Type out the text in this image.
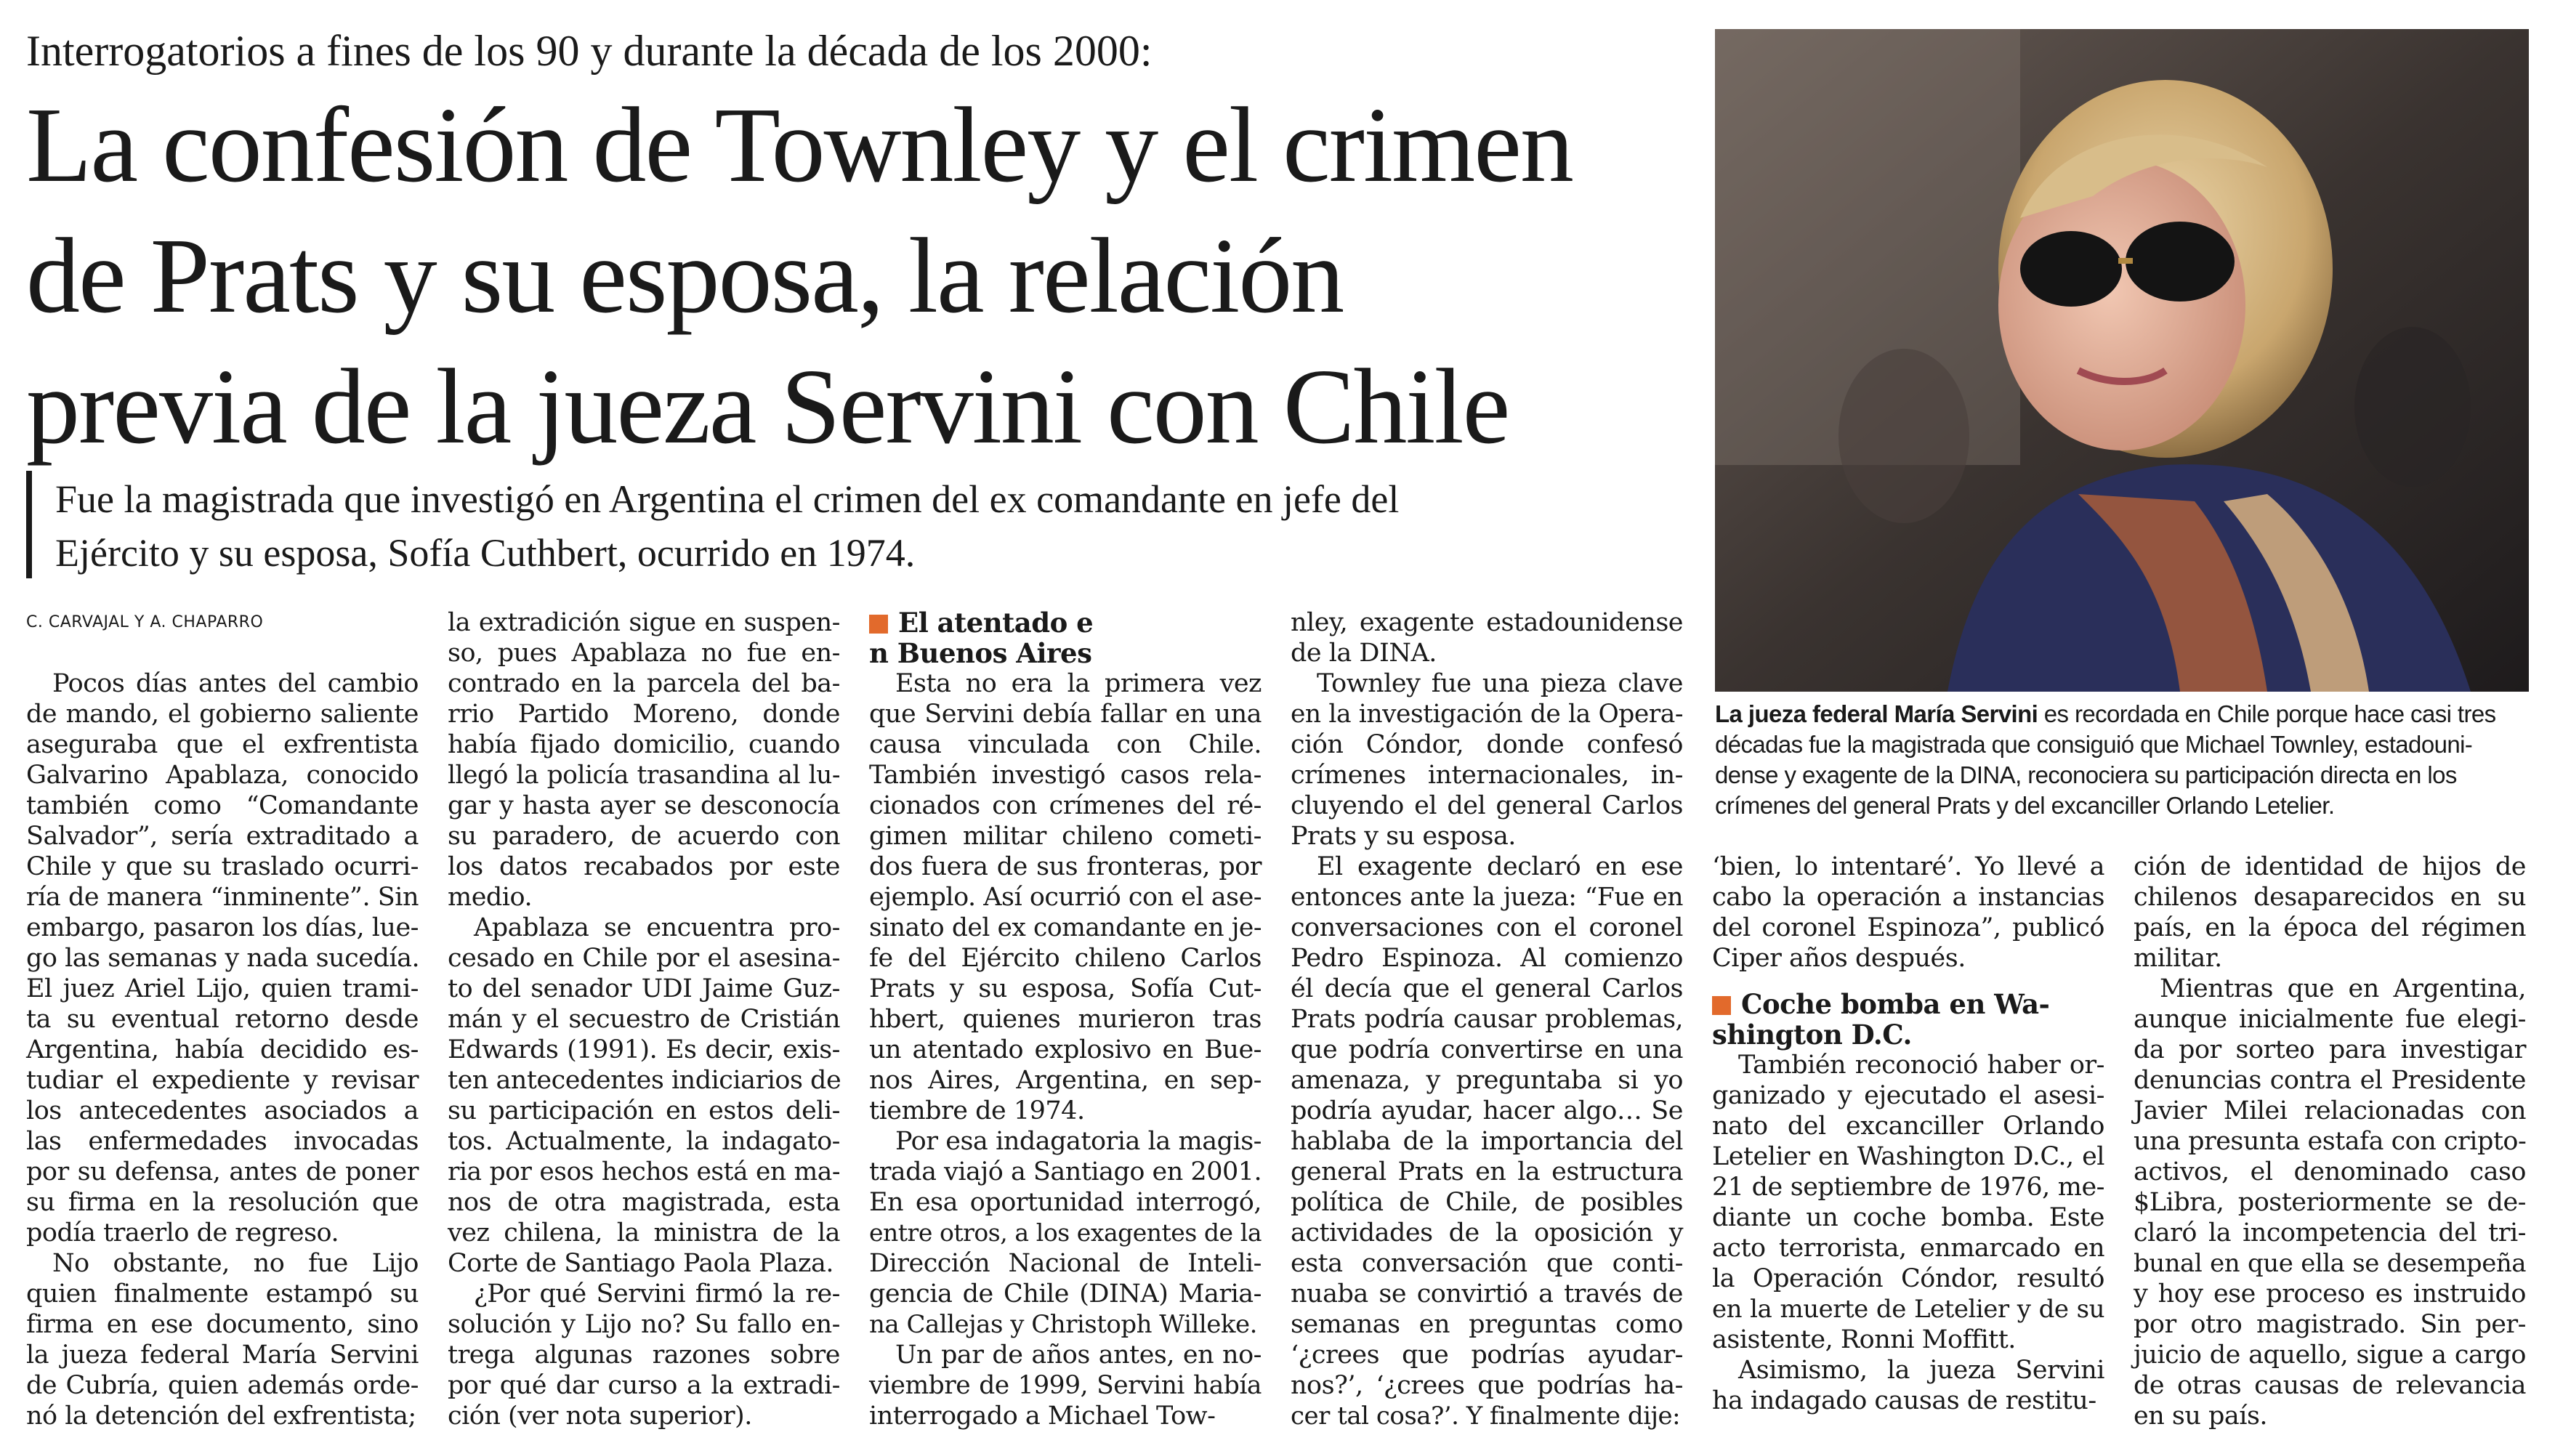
Interrogatorios a fines de los 90 y durante la década de los 2000:
La confesión de Townley y el crimen
de Prats y su esposa, la relación
previa de la jueza Servini con Chile
Fue la magistrada que investigó en Argentina el crimen del ex comandante en jefe del
Ejército y su esposa, Sofía Cuthbert, ocurrido en 1974.
La jueza federal María Servini es recordada en Chile porque hace casi tres
décadas fue la magistrada que consiguió que Michael Townley, estadouni-
dense y exagente de la DINA, reconociera su participación directa en los
crímenes del general Prats y del excanciller Orlando Letelier.
C. CARVAJAL Y A. CHAPARRO
Pocos días antes del cambio
de mando, el gobierno saliente
aseguraba que el exfrentista
Galvarino Apablaza, conocido
también como “Comandante
Salvador”, sería extraditado a
Chile y que su traslado ocurri-
ría de manera “inminente”. Sin
embargo, pasaron los días, lue-
go las semanas y nada sucedía.
El juez Ariel Lijo, quien trami-
ta su eventual retorno desde
Argentina, había decidido es-
tudiar el expediente y revisar
los antecedentes asociados a
las enfermedades invocadas
por su defensa, antes de poner
su firma en la resolución que
podía traerlo de regreso.
No obstante, no fue Lijo
quien finalmente estampó su
firma en ese documento, sino
la jueza federal María Servini
de Cubría, quien además orde-
nó la detención del exfrentista;
la extradición sigue en suspen-
so, pues Apablaza no fue en-
contrado en la parcela del ba-
rrio Partido Moreno, donde
había fijado domicilio, cuando
llegó la policía trasandina al lu-
gar y hasta ayer se desconocía
su paradero, de acuerdo con
los datos recabados por este
medio.
Apablaza se encuentra pro-
cesado en Chile por el asesina-
to del senador UDI Jaime Guz-
mán y el secuestro de Cristián
Edwards (1991). Es decir, exis-
ten antecedentes indiciarios de
su participación en estos deli-
tos. Actualmente, la indagato-
ria por esos hechos está en ma-
nos de otra magistrada, esta
vez chilena, la ministra de la
Corte de Santiago Paola Plaza.
¿Por qué Servini firmó la re-
solución y Lijo no? Su fallo en-
trega algunas razones sobre
por qué dar curso a la extradi-
ción (ver nota superior).
El atentado e
n Buenos Aires
Esta no era la primera vez
que Servini debía fallar en una
causa vinculada con Chile.
También investigó casos rela-
cionados con crímenes del ré-
gimen militar chileno cometi-
dos fuera de sus fronteras, por
ejemplo. Así ocurrió con el ase-
sinato del ex comandante en je-
fe del Ejército chileno Carlos
Prats y su esposa, Sofía Cut-
hbert, quienes murieron tras
un atentado explosivo en Bue-
nos Aires, Argentina, en sep-
tiembre de 1974.
Por esa indagatoria la magis-
trada viajó a Santiago en 2001.
En esa oportunidad interrogó,
entre otros, a los exagentes de la
Dirección Nacional de Inteli-
gencia de Chile (DINA) Maria-
na Callejas y Christoph Willeke.
Un par de años antes, en no-
viembre de 1999, Servini había
interrogado a Michael Tow-
nley, exagente estadounidense
de la DINA.
Townley fue una pieza clave
en la investigación de la Opera-
ción Cóndor, donde confesó
crímenes internacionales, in-
cluyendo el del general Carlos
Prats y su esposa.
El exagente declaró en ese
entonces ante la jueza: “Fue en
conversaciones con el coronel
Pedro Espinoza. Al comienzo
él decía que el general Carlos
Prats podría causar problemas,
que podría convertirse en una
amenaza, y preguntaba si yo
podría ayudar, hacer algo… Se
hablaba de la importancia del
general Prats en la estructura
política de Chile, de posibles
actividades de la oposición y
esta conversación que conti-
nuaba se convirtió a través de
semanas en preguntas como
‘¿crees que podrías ayudar-
nos?’, ‘¿crees que podrías ha-
cer tal cosa?’. Y finalmente dije:
‘bien, lo intentaré’. Yo llevé a
cabo la operación a instancias
del coronel Espinoza”, publicó
Ciper años después.
Coche bomba en Wa-
shington D.C.
También reconoció haber or-
ganizado y ejecutado el asesi-
nato del excanciller Orlando
Letelier en Washington D.C., el
21 de septiembre de 1976, me-
diante un coche bomba. Este
acto terrorista, enmarcado en
la Operación Cóndor, resultó
en la muerte de Letelier y de su
asistente, Ronni Moffitt.
Asimismo, la jueza Servini
ha indagado causas de restitu-
ción de identidad de hijos de
chilenos desaparecidos en su
país, en la época del régimen
militar.
Mientras que en Argentina,
aunque inicialmente fue elegi-
da por sorteo para investigar
denuncias contra el Presidente
Javier Milei relacionadas con
una presunta estafa con cripto-
activos, el denominado caso
$Libra, posteriormente se de-
claró la incompetencia del tri-
bunal en que ella se desempeña
y hoy ese proceso es instruido
por otro magistrado. Sin per-
juicio de aquello, sigue a cargo
de otras causas de relevancia
en su país.
